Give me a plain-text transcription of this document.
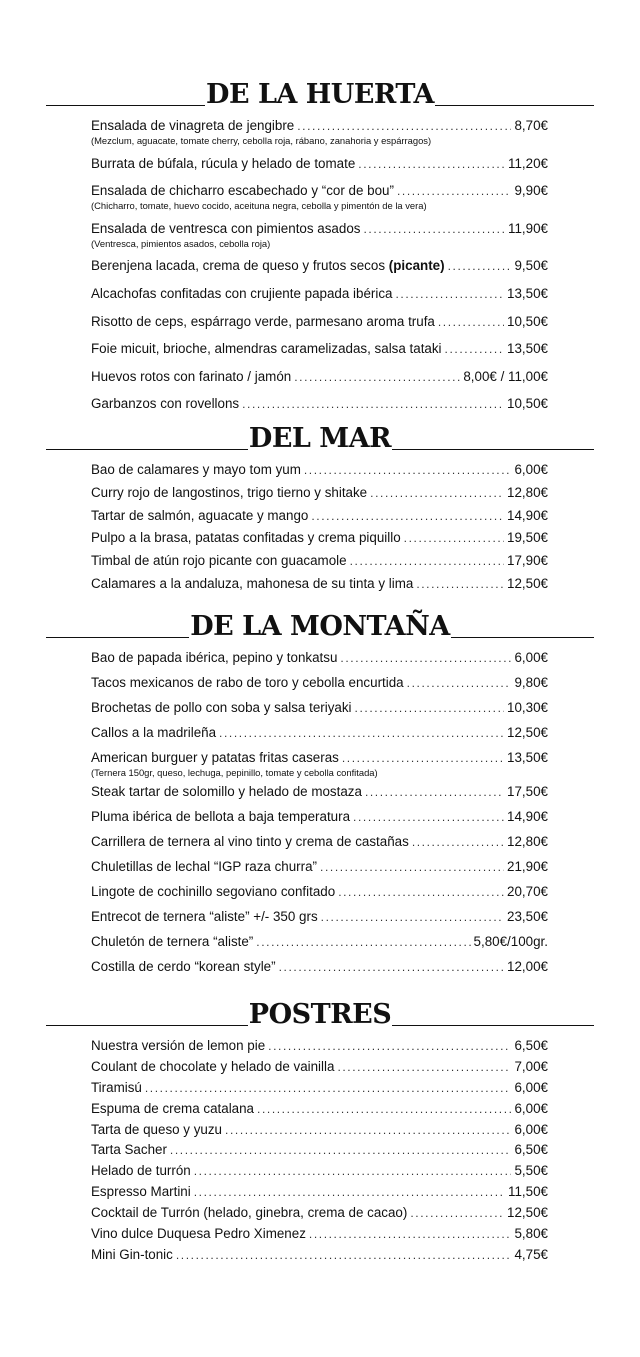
DE LA HUERTA
Ensalada de vinagreta de jengibre .....	8,70€
(Mezclum, aguacate, tomate cherry, cebolla roja, rábano, zanahoria y espárragos)
Burrata de búfala, rúcula y helado de tomate .....	11,20€
Ensalada de chicharro escabechado y “cor de bou” .....	9,90€
(Chicharro, tomate, huevo cocido, aceituna negra, cebolla y pimentón de la vera)
Ensalada de ventresca con pimientos asados .....	11,90€
(Ventresca, pimientos asados, cebolla roja)
Berenjena lacada, crema de queso y frutos secos (picante) .....	9,50€
Alcachofas confitadas con crujiente papada ibérica .....	13,50€
Risotto de ceps, espárrago verde, parmesano aroma trufa .....	10,50€
Foie micuit, brioche, almendras caramelizadas, salsa tataki .....	13,50€
Huevos rotos con farinato / jamón .....	8,00€ / 11,00€
Garbanzos con rovellons .....	10,50€
DEL MAR
Bao de calamares y mayo tom yum .....	6,00€
Curry rojo de langostinos, trigo tierno y shitake .....	12,80€
Tartar de salmón, aguacate y mango .....	14,90€
Pulpo a la brasa, patatas confitadas y crema piquillo .....	19,50€
Timbal de atún rojo picante con guacamole .....	17,90€
Calamares a la andaluza, mahonesa de su tinta y lima .....	12,50€
DE LA MONTAÑA
Bao de papada ibérica, pepino y tonkatsu .....	6,00€
Tacos mexicanos de rabo de toro y cebolla encurtida .....	9,80€
Brochetas de pollo con soba y salsa teriyaki .....	10,30€
Callos a la madrileña .....	12,50€
American burguer y patatas fritas caseras .....	13,50€
(Ternera 150gr, queso, lechuga, pepinillo, tomate y cebolla confitada)
Steak tartar de solomillo y helado de mostaza .....	17,50€
Pluma ibérica de bellota a baja temperatura .....	14,90€
Carrillera de ternera al vino tinto y crema de castañas .....	12,80€
Chuletillas de lechal “IGP raza churra” .....	21,90€
Lingote de cochinillo segoviano confitado .....	20,70€
Entrecot de ternera “aliste” +/- 350 grs .....	23,50€
Chuletón de ternera “aliste” .....	5,80€/100gr.
Costilla de cerdo “korean style” .....	12,00€
POSTRES
Nuestra versión de lemon pie .....	6,50€
Coulant de chocolate y helado de vainilla .....	7,00€
Tiramisú .....	6,00€
Espuma de crema catalana .....	6,00€
Tarta de queso y yuzu .....	6,00€
Tarta Sacher .....	6,50€
Helado de turrón .....	5,50€
Espresso Martini .....	11,50€
Cocktail de Turrón (helado, ginebra, crema de cacao) .....	12,50€
Vino dulce Duquesa Pedro Ximenez .....	5,80€
Mini Gin-tonic .....	4,75€
